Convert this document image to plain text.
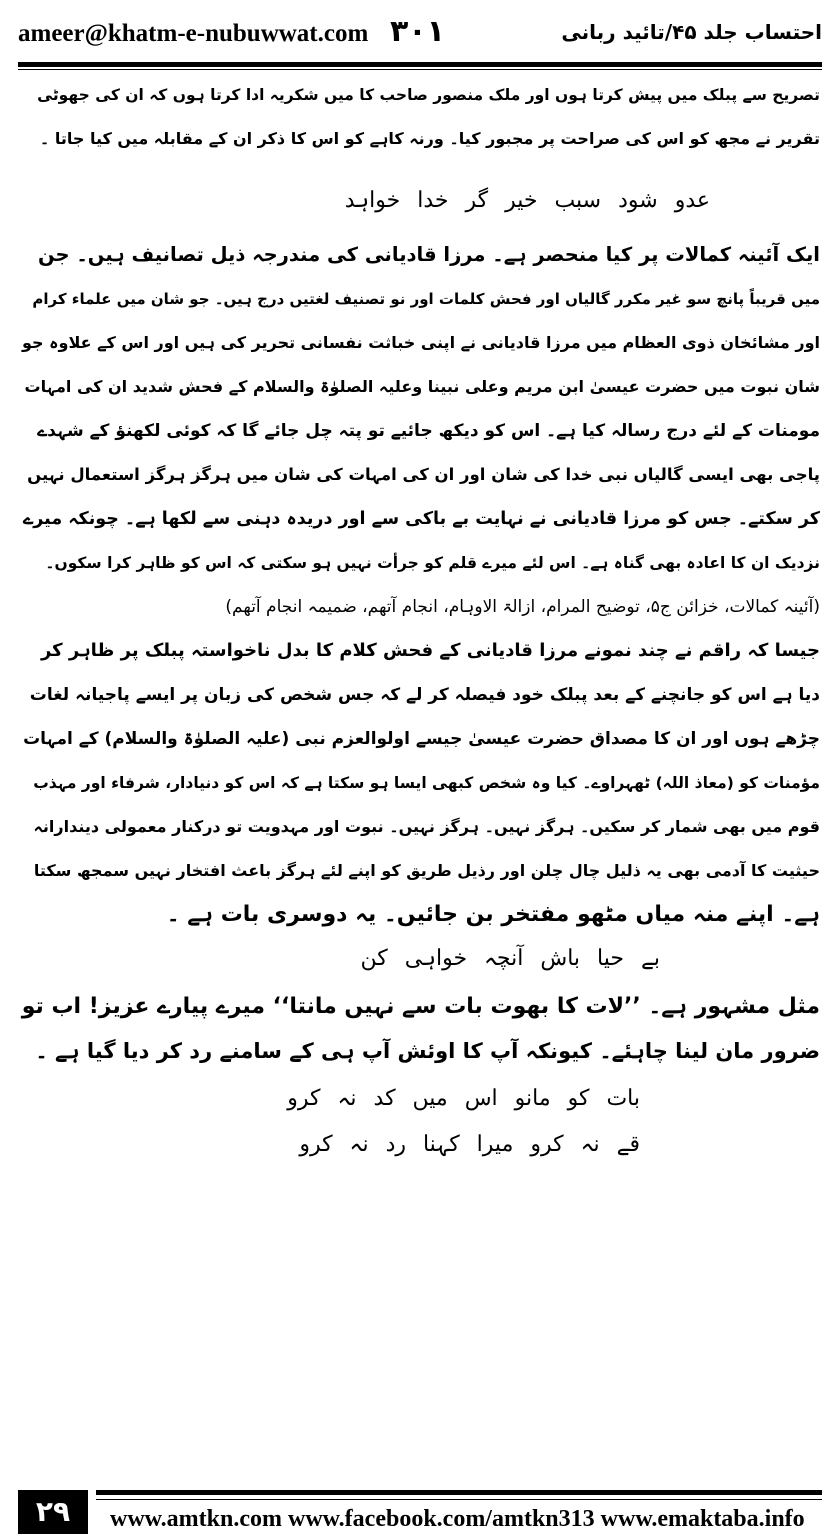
ameer@khatm-e-nubuwwat.com ۳۰۱	احتساب جلد ۴۵/تائید ربانی
تصریح سے پبلک میں پیش کرتا ہوں اور ملک منصور صاحب کا میں شکریہ ادا کرتا ہوں کہ ان کی جھوٹی
تقریر نے مجھ کو اس کی صراحت پر مجبور کیا۔ ورنہ کاہے کو اس کا ذکر ان کے مقابلہ میں کیا جاتا ۔
عدو شود سبب خیر گر خدا خواہد
ایک آئینہ کمالات پر کیا منحصر ہے۔ مرزا قادیانی کی مندرجہ ذیل تصانیف ہیں۔ جن
میں قریباً پانچ سو غیر مکرر گالیاں اور فحش کلمات اور نو تصنیف لغتیں درج ہیں۔ جو شان میں علماء کرام
اور مشائخان ذوی العظام میں مرزا قادیانی نے اپنی خباثت نفسانی تحریر کی ہیں اور اس کے علاوہ جو
شان نبوت میں حضرت عیسیٰ ابن مریم وعلی نبینا وعلیہ الصلوٰۃ والسلام کے فحش شدید ان کی امہات
مومنات کے لئے درج رسالہ کیا ہے۔ اس کو دیکھ جائیے تو پتہ چل جائے گا کہ کوئی لکھنؤ کے شہدے
پاجی بھی ایسی گالیاں نبی خدا کی شان اور ان کی امہات کی شان میں ہرگز ہرگز استعمال نہیں
کر سکتے۔ جس کو مرزا قادیانی نے نہایت بے باکی سے اور دریدہ دہنی سے لکھا ہے۔ چونکہ میرے
نزدیک ان کا اعادہ بھی گناہ ہے۔ اس لئے میرے قلم کو جرأت نہیں ہو سکتی کہ اس کو ظاہر کرا سکوں۔
(آئینہ کمالات، خزائن ج۵، توضیح المرام، ازالۃ الاوہام، انجام آتھم، ضمیمہ انجام آتھم)
جیسا کہ راقم نے چند نمونے مرزا قادیانی کے فحش کلام کا بدل ناخواستہ پبلک پر ظاہر کر
دیا ہے اس کو جانچنے کے بعد پبلک خود فیصلہ کر لے کہ جس شخص کی زبان پر ایسے پاجیانہ لغات
چڑھے ہوں اور ان کا مصداق حضرت عیسیٰ جیسے اولوالعزم نبی (علیہ الصلوٰۃ والسلام) کے امہات
مؤمنات کو (معاذ اللہ) ٹھہراوے۔ کیا وہ شخص کبھی ایسا ہو سکتا ہے کہ اس کو دنیادار، شرفاء اور مہذب
قوم میں بھی شمار کر سکیں۔ ہرگز نہیں۔ ہرگز نہیں۔ نبوت اور مہدویت تو درکنار معمولی دیندارانہ
حیثیت کا آدمی بھی یہ ذلیل چال چلن اور رذیل طریق کو اپنے لئے ہرگز باعث افتخار نہیں سمجھ سکتا
ہے۔ اپنے منہ میاں مٹھو مفتخر بن جائیں۔ یہ دوسری بات ہے ۔
بے حیا باش آنچہ خواہی کن
مثل مشہور ہے۔ ’’لات کا بھوت بات سے نہیں مانتا‘‘ میرے پیارے عزیز! اب تو
ضرور مان لینا چاہئے۔ کیونکہ آپ کا اوئش آپ ہی کے سامنے رد کر دیا گیا ہے ۔
بات کو مانو اس میں کد نہ کرو
قے نہ کرو میرا کہنا رد نہ کرو
۲۹	www.amtkn.com www.facebook.com/amtkn313 www.emaktaba.info
